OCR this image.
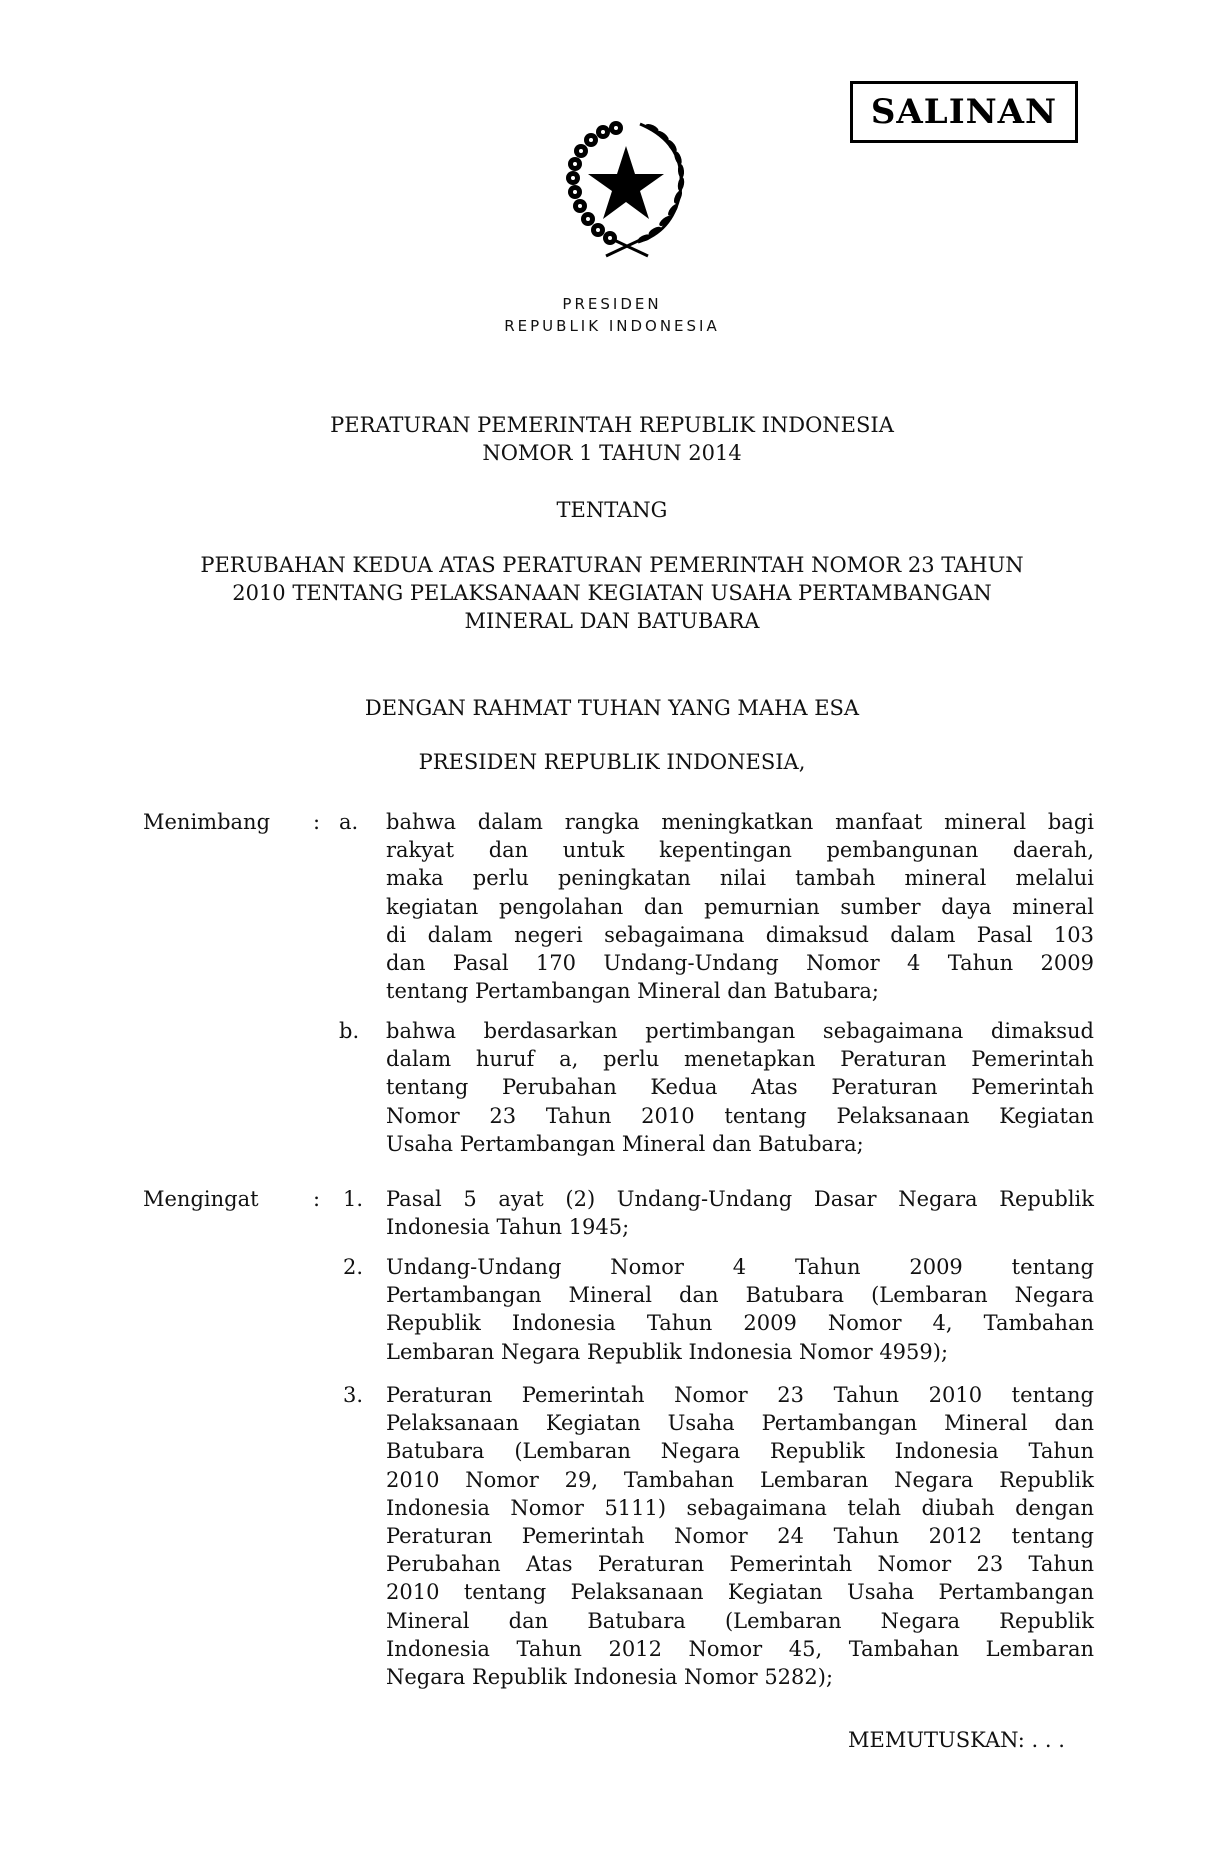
SALINAN
PRESIDEN
REPUBLIK INDONESIA
PERATURAN PEMERINTAH REPUBLIK INDONESIA
NOMOR 1 TAHUN 2014
TENTANG
PERUBAHAN KEDUA ATAS PERATURAN PEMERINTAH NOMOR 23 TAHUN
2010 TENTANG PELAKSANAAN KEGIATAN USAHA PERTAMBANGAN
MINERAL DAN BATUBARA
DENGAN RAHMAT TUHAN YANG MAHA ESA
PRESIDEN REPUBLIK INDONESIA,
Menimbang : a.	bahwa dalam rangka meningkatkan manfaat mineral bagi
rakyat dan untuk kepentingan pembangunan daerah,
maka perlu peningkatan nilai tambah mineral melalui
kegiatan pengolahan dan pemurnian sumber daya mineral
di dalam negeri sebagaimana dimaksud dalam Pasal 103
dan Pasal 170 Undang-Undang Nomor 4 Tahun 2009
tentang Pertambangan Mineral dan Batubara;
b.	bahwa berdasarkan pertimbangan sebagaimana dimaksud
dalam huruf a, perlu menetapkan Peraturan Pemerintah
tentang Perubahan Kedua Atas Peraturan Pemerintah
Nomor 23 Tahun 2010 tentang Pelaksanaan Kegiatan
Usaha Pertambangan Mineral dan Batubara;
Mengingat	: 1.	Pasal 5 ayat (2) Undang-Undang Dasar Negara Republik
Indonesia Tahun 1945;
2.	Undang-Undang Nomor 4 Tahun 2009 tentang
Pertambangan Mineral dan Batubara (Lembaran Negara
Republik Indonesia Tahun 2009 Nomor 4, Tambahan
Lembaran Negara Republik Indonesia Nomor 4959);
3.	Peraturan Pemerintah Nomor 23 Tahun 2010 tentang
Pelaksanaan Kegiatan Usaha Pertambangan Mineral dan
Batubara (Lembaran Negara Republik Indonesia Tahun
2010 Nomor 29, Tambahan Lembaran Negara Republik
Indonesia Nomor 5111) sebagaimana telah diubah dengan
Peraturan Pemerintah Nomor 24 Tahun 2012 tentang
Perubahan Atas Peraturan Pemerintah Nomor 23 Tahun
2010 tentang Pelaksanaan Kegiatan Usaha Pertambangan
Mineral dan Batubara (Lembaran Negara Republik
Indonesia Tahun 2012 Nomor 45, Tambahan Lembaran
Negara Republik Indonesia Nomor 5282);
MEMUTUSKAN: . . .
